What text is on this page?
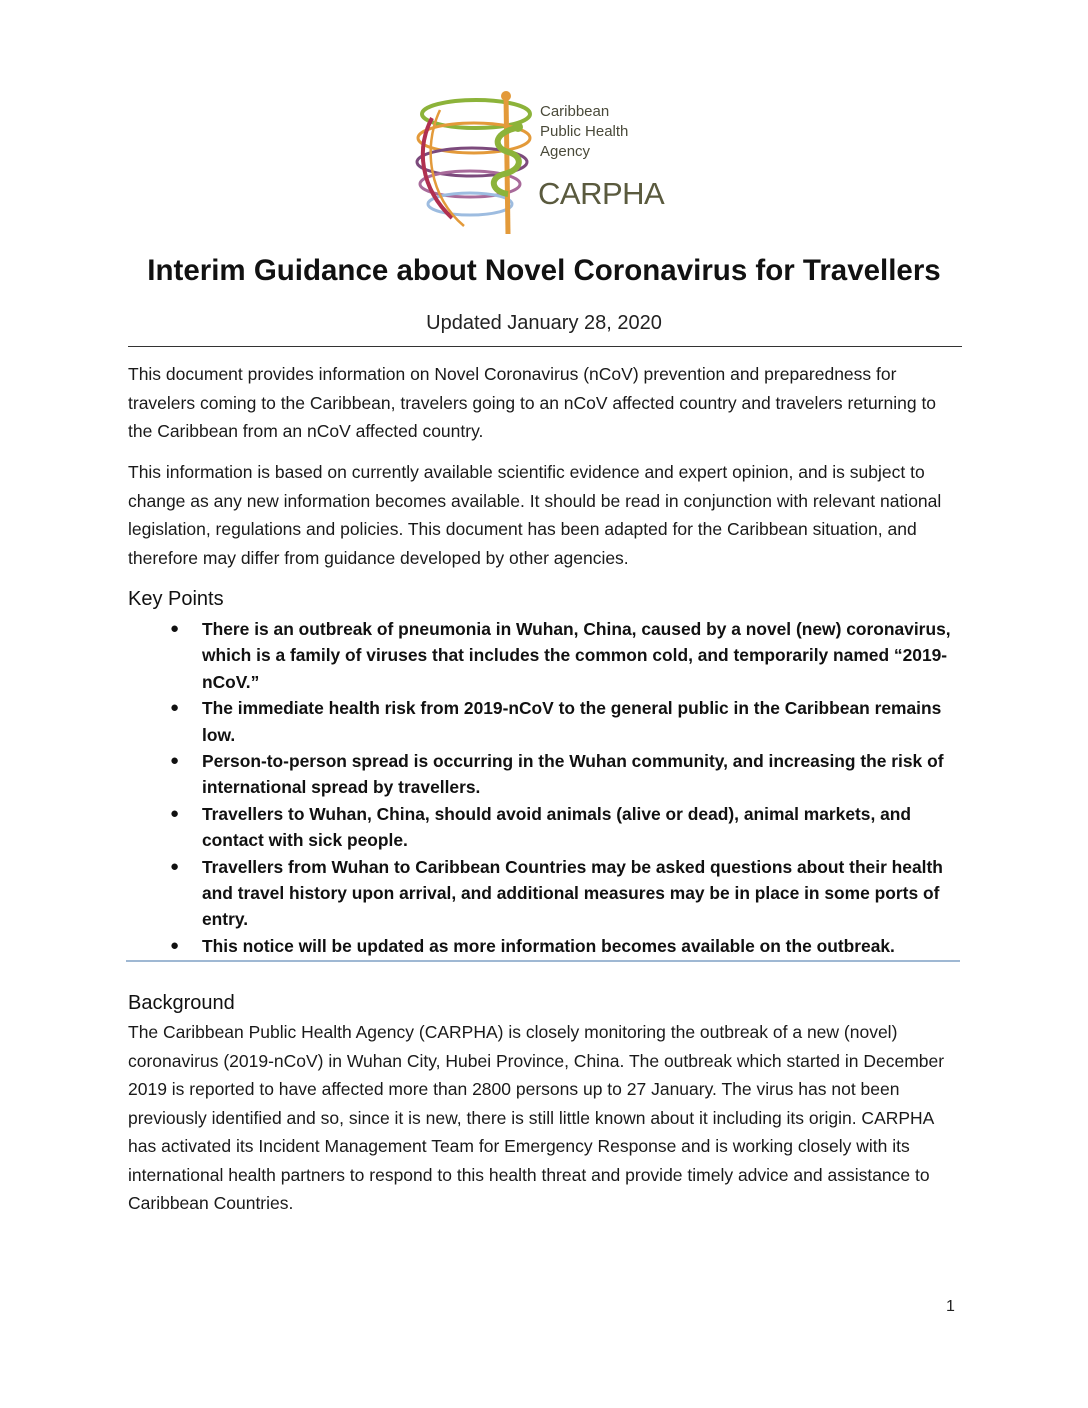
Caribbean
Public Health
Agency
CARPHA
Interim Guidance about Novel Coronavirus for Travellers
Updated January 28, 2020

This document provides information on Novel Coronavirus (nCoV) prevention and preparedness for travelers coming to the Caribbean, travelers going to an nCoV affected country and travelers returning to the Caribbean from an nCoV affected country.

This information is based on currently available scientific evidence and expert opinion, and is subject to change as any new information becomes available. It should be read in conjunction with relevant national legislation, regulations and policies. This document has been adapted for the Caribbean situation, and therefore may differ from guidance developed by other agencies.

Key Points
● There is an outbreak of pneumonia in Wuhan, China, caused by a novel (new) coronavirus, which is a family of viruses that includes the common cold, and temporarily named “2019-nCoV.”
● The immediate health risk from 2019-nCoV to the general public in the Caribbean remains low.
● Person-to-person spread is occurring in the Wuhan community, and increasing the risk of international spread by travellers.
● Travellers to Wuhan, China, should avoid animals (alive or dead), animal markets, and contact with sick people.
● Travellers from Wuhan to Caribbean Countries may be asked questions about their health and travel history upon arrival, and additional measures may be in place in some ports of entry.
● This notice will be updated as more information becomes available on the outbreak.
Background

The Caribbean Public Health Agency (CARPHA) is closely monitoring the outbreak of a new (novel) coronavirus (2019-nCoV) in Wuhan City, Hubei Province, China. The outbreak which started in December 2019 is reported to have affected more than 2800 persons up to 27 January. The virus has not been previously identified and so, since it is new, there is still little known about it including its origin. CARPHA has activated its Incident Management Team for Emergency Response and is working closely with its international health partners to respond to this health threat and provide timely advice and assistance to Caribbean Countries.

1
